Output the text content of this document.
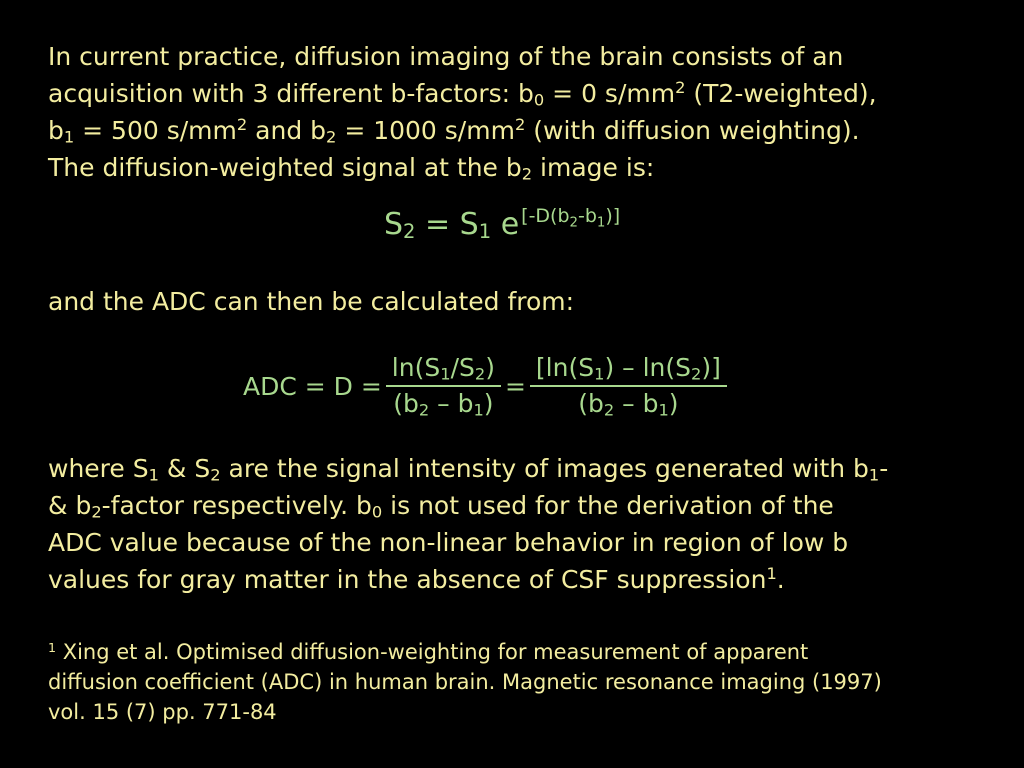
In current practice, diffusion imaging of the brain consists of an
acquisition with 3 different b-factors: $b_0 = 0$ $s/mm^2$ (T2-weighted),
$b_1 = 500$ $s/mm^2$ and $b_2 = 1000$ $s/mm^2$ (with diffusion weighting).
The diffusion-weighted signal at the $b_2$ image is:
$S_2 = S_1$ e [-D(b2-b1)]
and the ADC can then be calculated from:
ADC = $D = \frac{\ln(S_1/S_2)}{(b_2 - b_1)} = \frac{[\ln(S_1) - \ln(S_2)]}{(b_2 - b_1)}$
where $S_1$ & $S_2$ are the signal intensity of images generated with $b_1-$
& $b_2$-factor respectively. $b_0$ is not used for the derivation of the
ADC value because of the non-linear behavior in region of low b
values for gray matter in the absence of CSF suppression$^1$.
$^1$ Xing et al. Optimised diffusion-weighting for measurement of apparent
diffusion coefficient (ADC) in human brain. Magnetic resonance imaging (1997)
vol. 15 (7) pp. 771-84
